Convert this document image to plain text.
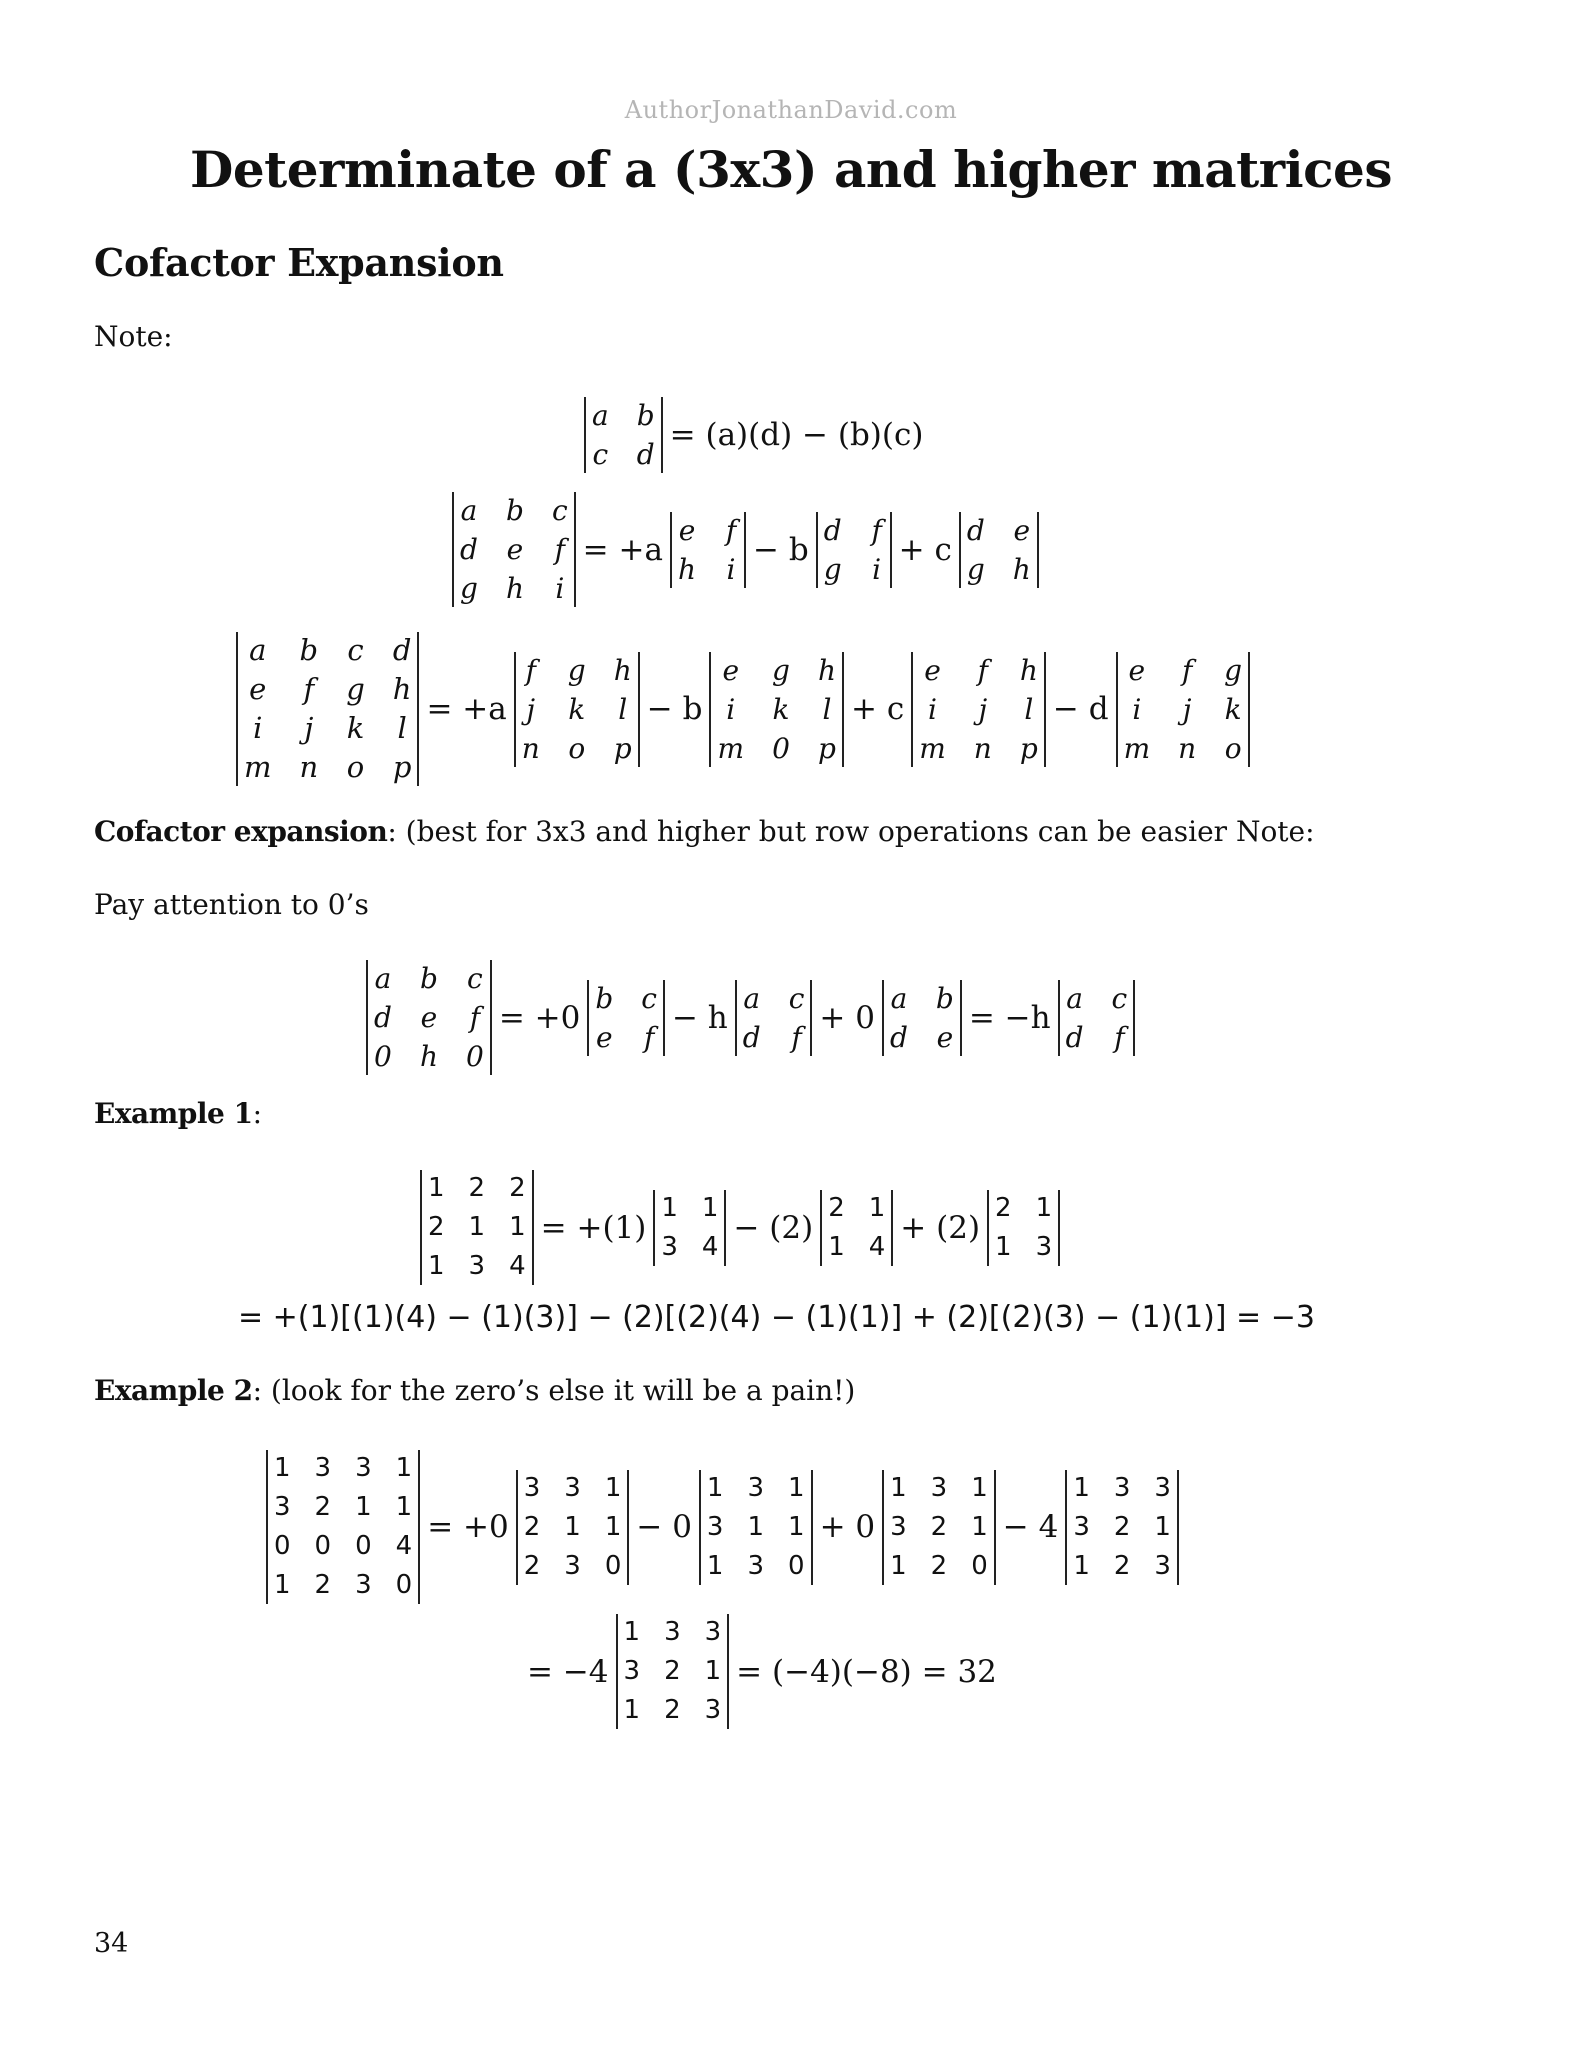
AuthorJonathanDavid.com
Determinate of a (3x3) and higher matrices
Cofactor Expansion
Note:
a b
c d
= (a)(d) − (b)(c)
a b c
d e f
g h i
= +a
e f
h i
− b
d f
g i
+ c
d e
g h
a b c d
e f g h
i	j k l
m n o p
= +a
f g h
j k l
n o p
− b
e g h
i	k l
m 0 p
+ c
e f h
i	j l
m n p
− d
e f g
i	j k
m n o
Cofactor expansion: (best for 3x3 and higher but row operations can be easier Note:
Pay attention to 0’s
a b c
d e f
0 h 0
= +0
b c
e f
− h
a c
d f
+ 0
a b
d e
= −h
a c
d f
Example 1:
1 2 2
2 1 1
1 3 4
= +(1)
1 1
3 4
− (2)
2 1
1 4
+ (2)
2 1
1 3
= +(1)[(1)(4) − (1)(3)] − (2)[(2)(4) − (1)(1)] + (2)[(2)(3) − (1)(1)] = −3
Example 2: (look for the zero’s else it will be a pain!)
1 3 3 1
3 2 1 1
0 0 0 4
1 2 3 0
= +0
3 3 1
2 1 1
2 3 0
− 0
1 3 1
3 1 1
1 3 0
+ 0
1 3 1
3 2 1
1 2 0
− 4
1 3 3
3 2 1
1 2 3
= −4
1 3 3
3 2 1
1 2 3
= (−4)(−8) = 32
34
